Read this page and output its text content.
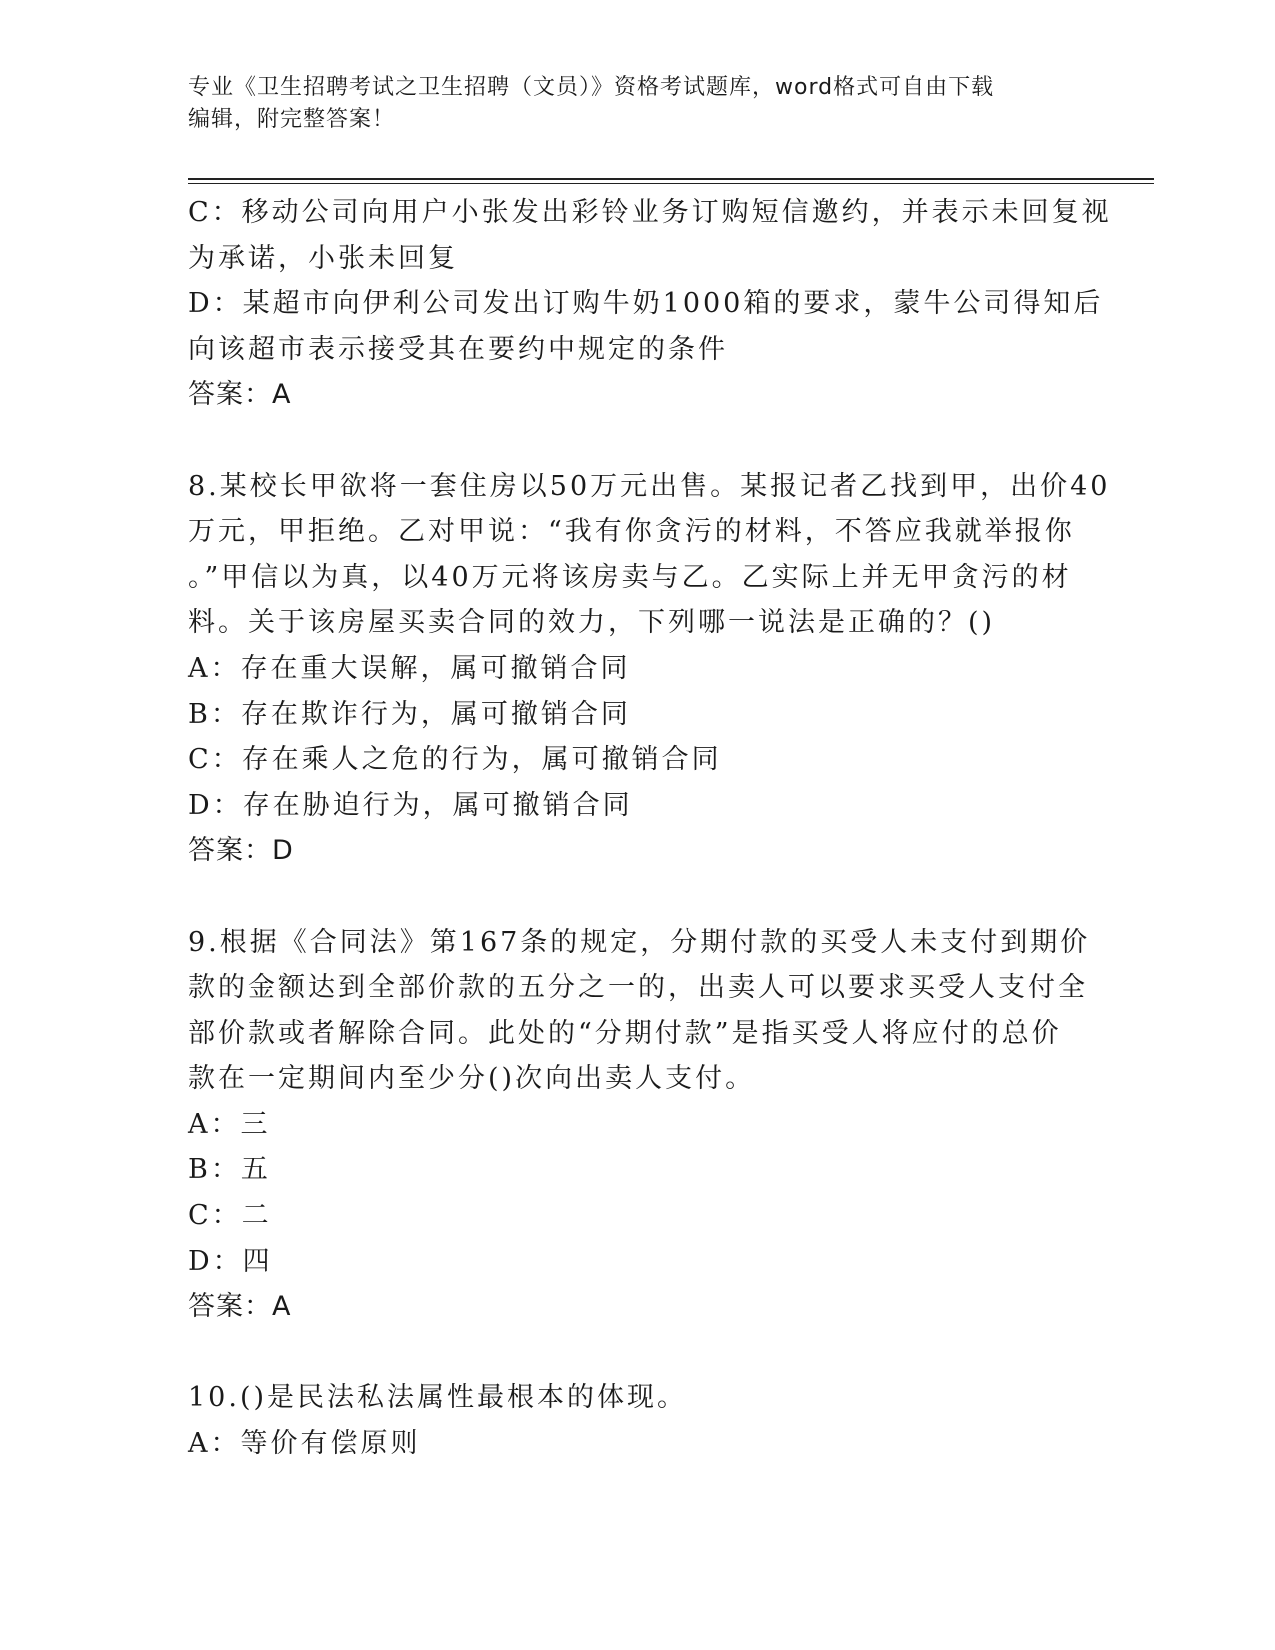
专业《卫生招聘考试之卫生招聘（文员）》资格考试题库，word格式可自由下载
编辑，附完整答案！
C：移动公司向用户小张发出彩铃业务订购短信邀约，并表示未回复视
为承诺，小张未回复
D：某超市向伊利公司发出订购牛奶1000箱的要求，蒙牛公司得知后
向该超市表示接受其在要约中规定的条件
答案：A
8.某校长甲欲将一套住房以50万元出售。某报记者乙找到甲，出价40
万元，甲拒绝。乙对甲说：“我有你贪污的材料，不答应我就举报你
。”甲信以为真，以40万元将该房卖与乙。乙实际上并无甲贪污的材
料。关于该房屋买卖合同的效力，下列哪一说法是正确的？()
A：存在重大误解，属可撤销合同
B：存在欺诈行为，属可撤销合同
C：存在乘人之危的行为，属可撤销合同
D：存在胁迫行为，属可撤销合同
答案：D
9.根据《合同法》第167条的规定，分期付款的买受人未支付到期价
款的金额达到全部价款的五分之一的，出卖人可以要求买受人支付全
部价款或者解除合同。此处的“分期付款”是指买受人将应付的总价
款在一定期间内至少分()次向出卖人支付。
A：三
B：五
C：二
D：四
答案：A
10.()是民法私法属性最根本的体现。
A：等价有偿原则
